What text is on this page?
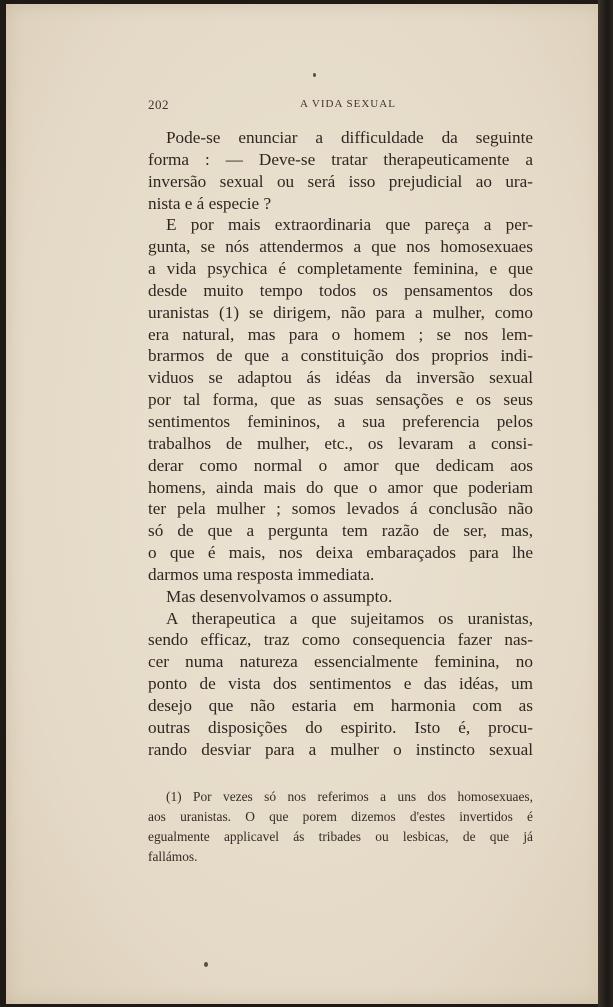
202	A VIDA SEXUAL
Pode-se enunciar a difficuldade da seguinte
forma : — Deve-se tratar therapeuticamente a
inversão sexual ou será isso prejudicial ao ura-
nista e á especie ?
E por mais extraordinaria que pareça a per-
gunta, se nós attendermos a que nos homosexuaes
a vida psychica é completamente feminina, e que
desde muito tempo todos os pensamentos dos
uranistas (1) se dirigem, não para a mulher, como
era natural, mas para o homem ; se nos lem-
brarmos de que a constituição dos proprios indi-
viduos se adaptou ás idéas da inversão sexual
por tal forma, que as suas sensações e os seus
sentimentos femininos, a sua preferencia pelos
trabalhos de mulher, etc., os levaram a consi-
derar como normal o amor que dedicam aos
homens, ainda mais do que o amor que poderiam
ter pela mulher ; somos levados á conclusão não
só de que a pergunta tem razão de ser, mas,
o que é mais, nos deixa embaraçados para lhe
darmos uma resposta immediata.
Mas desenvolvamos o assumpto.
A therapeutica a que sujeitamos os uranistas,
sendo efficaz, traz como consequencia fazer nas-
cer numa natureza essencialmente feminina, no
ponto de vista dos sentimentos e das idéas, um
desejo que não estaria em harmonia com as
outras disposições do espirito. Isto é, procu-
rando desviar para a mulher o instincto sexual
(1) Por vezes só nos referimos a uns dos homosexuaes,
aos uranistas. O que porem dizemos d'estes invertidos é
egualmente applicavel ás tribades ou lesbicas, de que já
fallámos.
